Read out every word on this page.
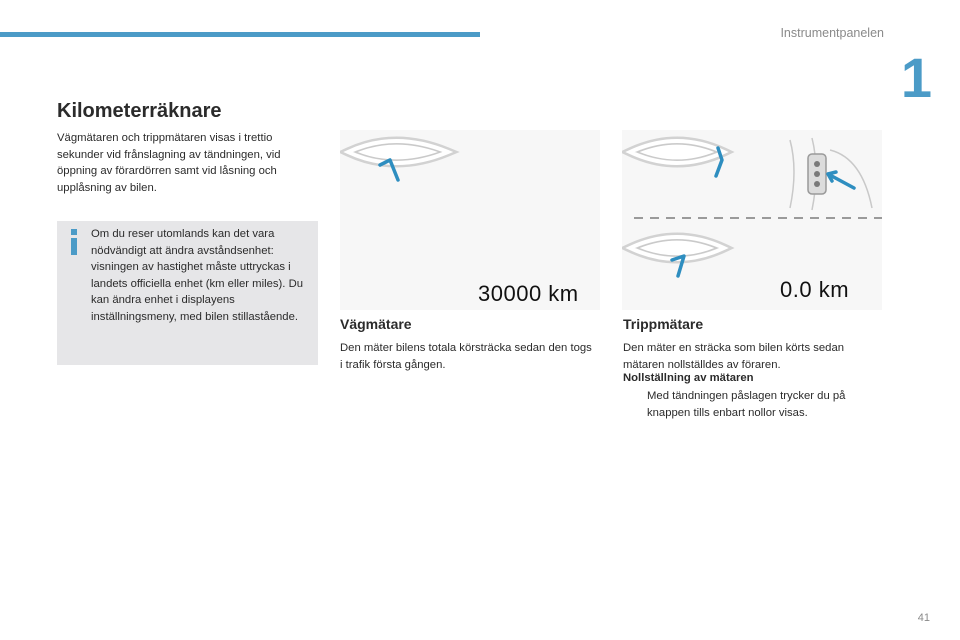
Instrumentpanelen
1
Kilometerräknare

Vägmätaren och trippmätaren visas i trettio sekunder vid frånslagning av tändningen, vid öppning av förardörren samt vid låsning och upplåsning av bilen.

Om du reser utomlands kan det vara nödvändigt att ändra avståndsenhet: visningen av hastighet måste uttryckas i landets officiella enhet (km eller miles). Du kan ändra enhet i displayens inställningsmeny, med bilen stillastående.

30000 km	0.0 km
Vägmätare

Den mäter bilens totala körsträcka sedan den togs i trafik första gången.

Trippmätare

Den mäter en sträcka som bilen körts sedan mätaren nollställdes av föraren.

Nollställning av mätaren

Med tändningen påslagen trycker du på knappen tills enbart nollor visas.

41
